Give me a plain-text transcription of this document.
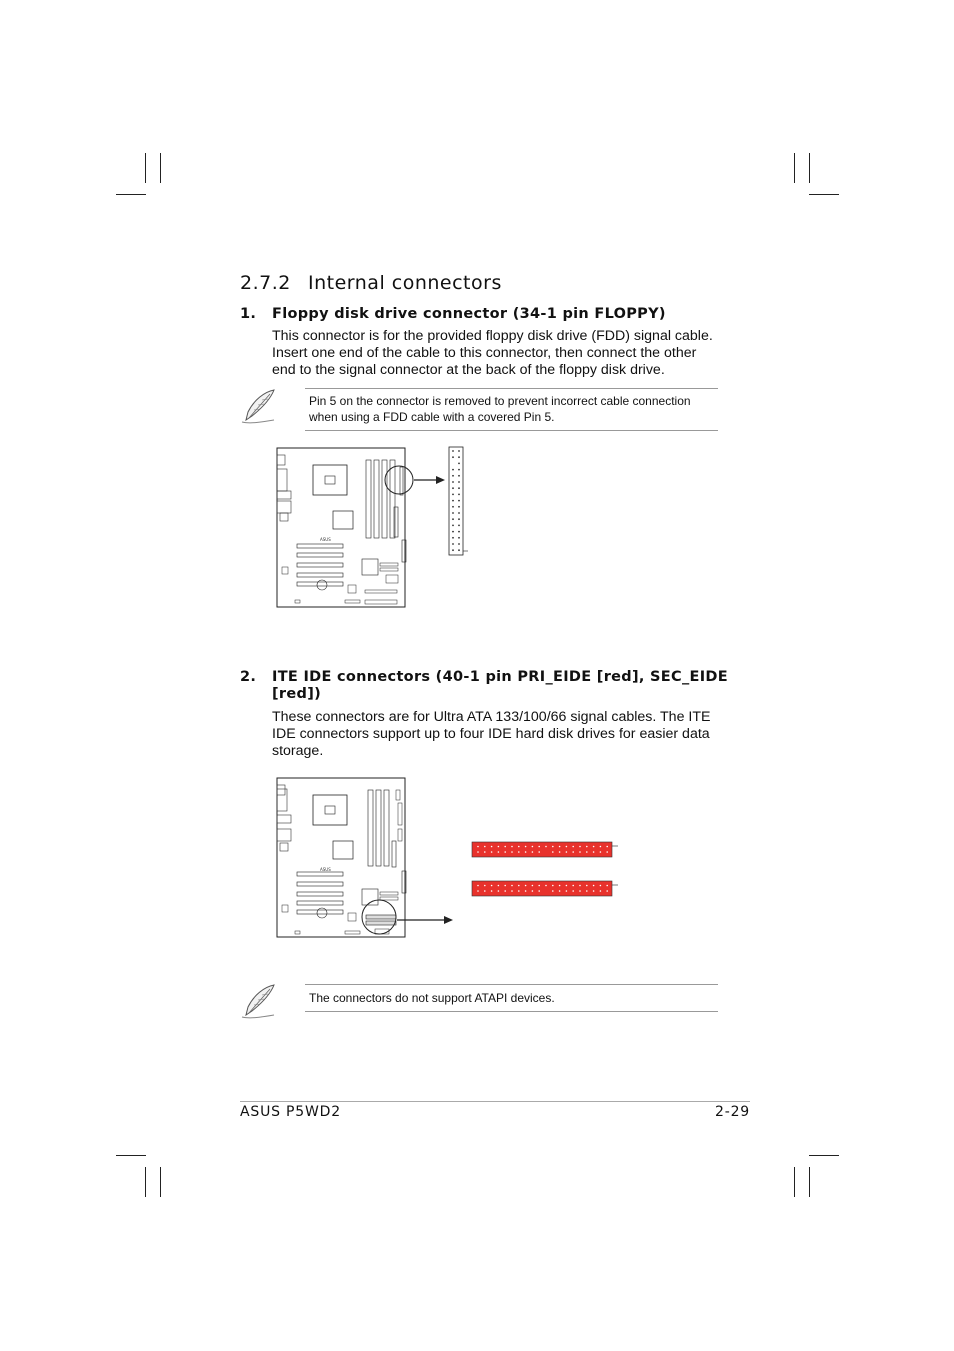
2.7.2 Internal connectors
1. Floppy disk drive connector (34-1 pin FLOPPY)
This connector is for the provided floppy disk drive (FDD) signal cable. Insert one end of the cable to this connector, then connect the other end to the signal connector at the back of the floppy disk drive.
Pin 5 on the connector is removed to prevent incorrect cable connection when using a FDD cable with a covered Pin 5.
ASUS
2. ITE IDE connectors (40-1 pin PRI_EIDE [red], SEC_EIDE
[red])
These connectors are for Ultra ATA 133/100/66 signal cables. The ITE IDE connectors support up to four IDE hard disk drives for easier data storage.
ASUS
The connectors do not support ATAPI devices.
ASUS P5WD2	2-29
